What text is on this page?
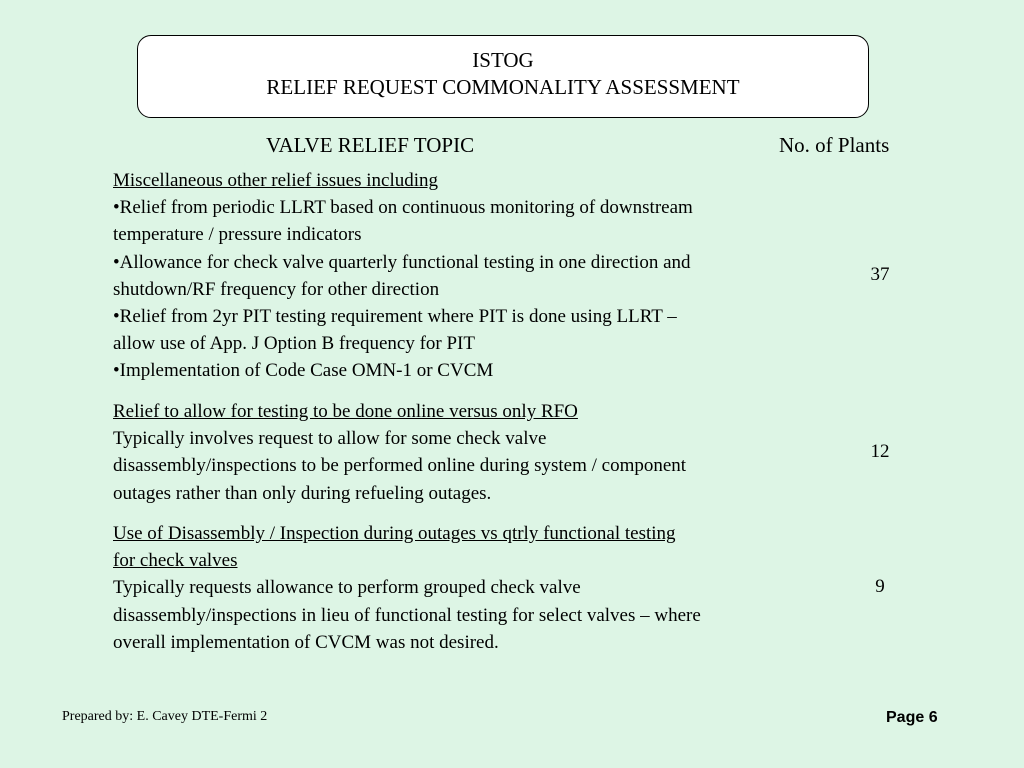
ISTOG
RELIEF REQUEST COMMONALITY ASSESSMENT
VALVE RELIEF TOPIC	No. of Plants
Miscellaneous other relief issues including
•Relief from periodic LLRT based on continuous monitoring of downstream
temperature / pressure indicators
•Allowance for check valve quarterly functional testing in one direction and
shutdown/RF frequency for other direction
•Relief from 2yr PIT testing requirement where PIT is done using LLRT –
allow use of App. J Option B frequency for PIT
•Implementation of Code Case OMN-1 or CVCM
37
Relief to allow for testing to be done online versus only RFO
Typically involves request to allow for some check valve
disassembly/inspections to be performed online during system / component
outages rather than only during refueling outages.
12
Use of Disassembly / Inspection during outages vs qtrly functional testing
for check valves
Typically requests allowance to perform grouped check valve
disassembly/inspections in lieu of functional testing for select valves – where
overall implementation of CVCM was not desired.
9
Prepared by: E. Cavey DTE-Fermi 2	Page 6
